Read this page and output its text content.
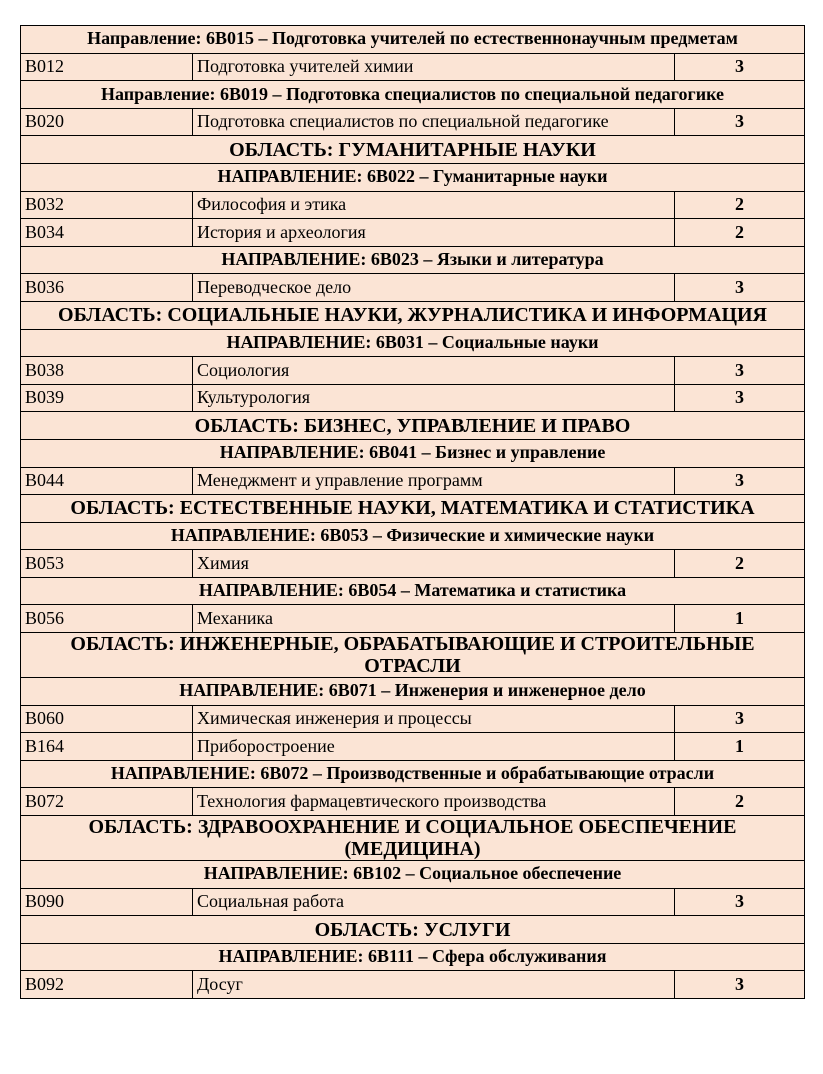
Направление: 6В015 – Подготовка учителей по естественнонаучным предметам		
В012	Подготовка учителей химии	3
Направление: 6В019 – Подготовка специалистов по специальной педагогике		
В020	Подготовка специалистов по специальной педагогике	3
ОБЛАСТЬ: ГУМАНИТАРНЫЕ НАУКИ		
НАПРАВЛЕНИЕ: 6В022 – Гуманитарные науки		
В032	Философия и этика	2
В034	История и археология	2
НАПРАВЛЕНИЕ: 6В023 – Языки и литература		
В036	Переводческое дело	3
ОБЛАСТЬ: СОЦИАЛЬНЫЕ НАУКИ, ЖУРНАЛИСТИКА И ИНФОРМАЦИЯ		
НАПРАВЛЕНИЕ: 6В031 – Социальные науки		
В038	Социология	3
В039	Культурология	3
ОБЛАСТЬ: БИЗНЕС, УПРАВЛЕНИЕ И ПРАВО		
НАПРАВЛЕНИЕ: 6В041 – Бизнес и управление		
В044	Менеджмент и управление программ	3
ОБЛАСТЬ: ЕСТЕСТВЕННЫЕ НАУКИ, МАТЕМАТИКА И СТАТИСТИКА		
НАПРАВЛЕНИЕ: 6В053 – Физические и химические науки		
В053	Химия	2
НАПРАВЛЕНИЕ: 6В054 – Математика и статистика		
В056	Механика	1
ОБЛАСТЬ: ИНЖЕНЕРНЫЕ, ОБРАБАТЫВАЮЩИЕ И СТРОИТЕЛЬНЫЕ ОТРАСЛИ		
НАПРАВЛЕНИЕ: 6В071 – Инженерия и инженерное дело		
В060	Химическая инженерия и процессы	3
В164	Приборостроение	1
НАПРАВЛЕНИЕ: 6В072 – Производственные и обрабатывающие отрасли		
В072	Технология фармацевтического производства	2
ОБЛАСТЬ: ЗДРАВООХРАНЕНИЕ И СОЦИАЛЬНОЕ ОБЕСПЕЧЕНИЕ (МЕДИЦИНА)		
НАПРАВЛЕНИЕ: 6В102 – Социальное обеспечение		
В090	Социальная работа	3
ОБЛАСТЬ: УСЛУГИ		
НАПРАВЛЕНИЕ: 6В111 – Сфера обслуживания		
В092	Досуг	3
